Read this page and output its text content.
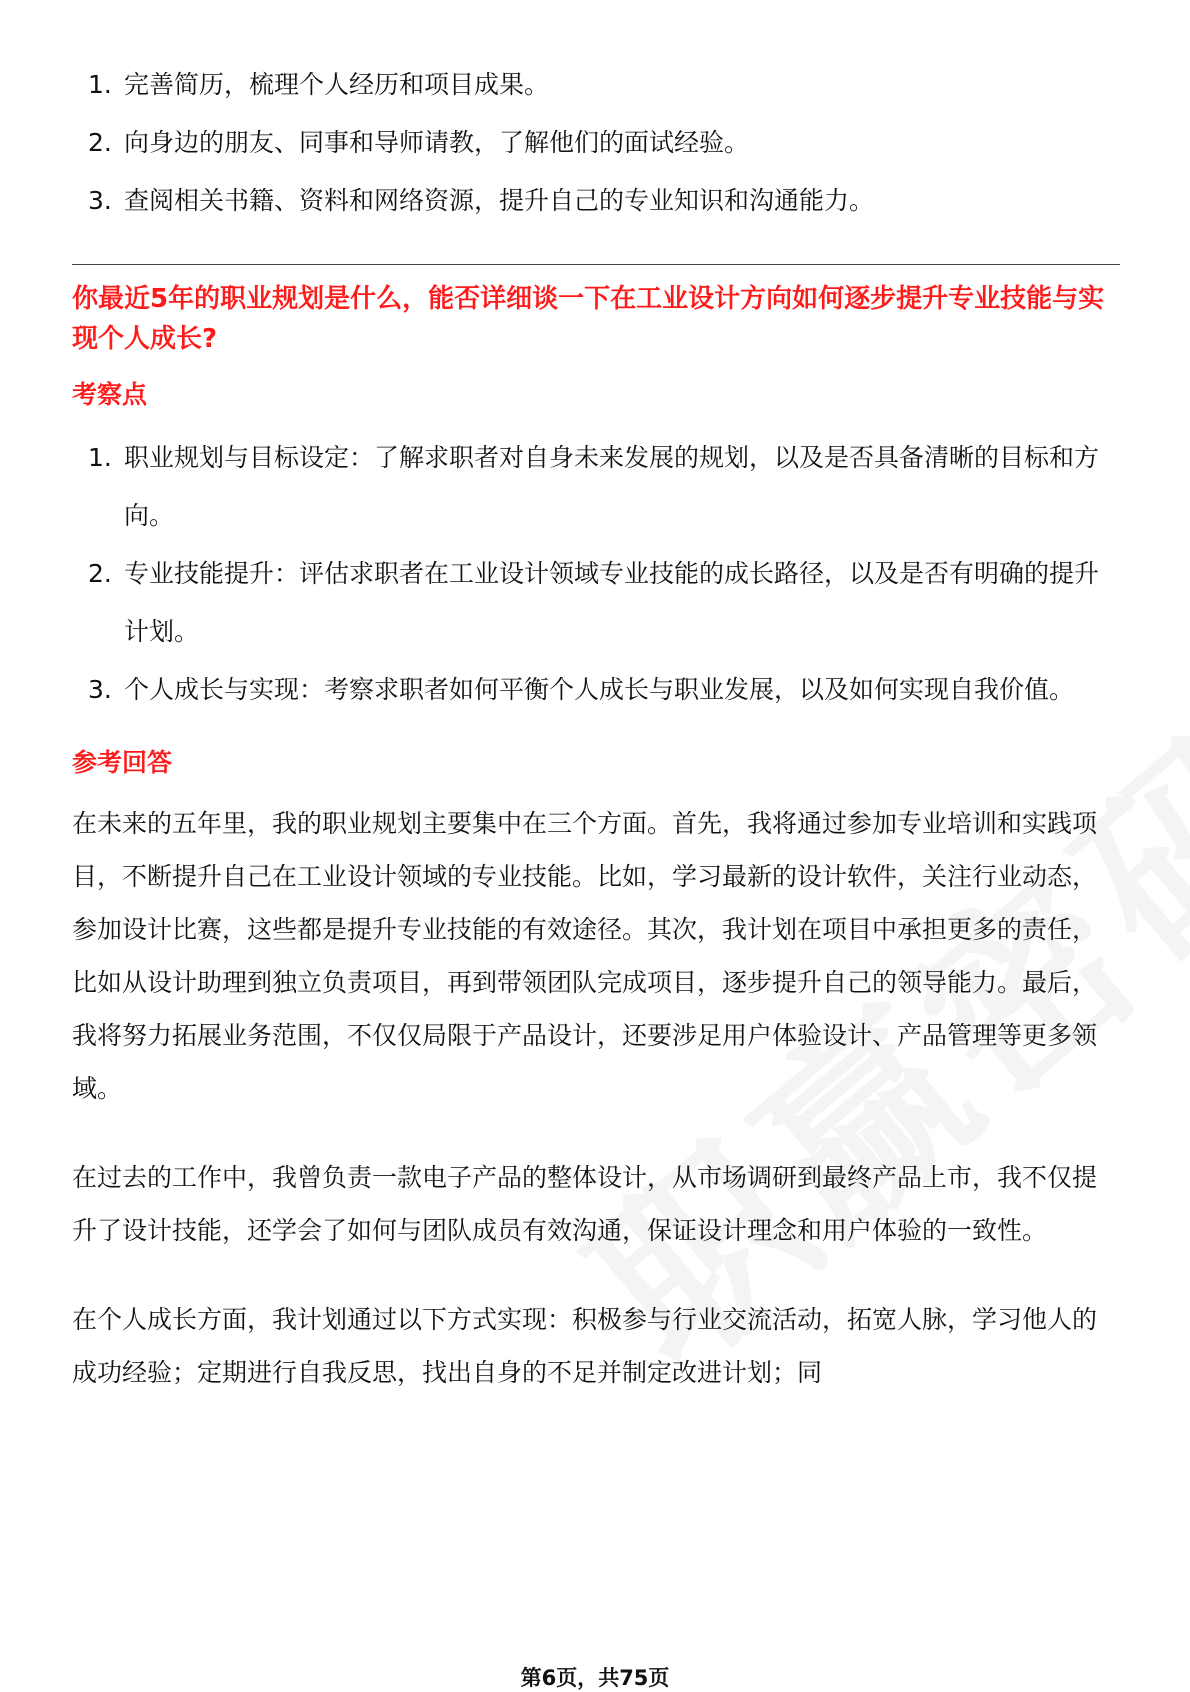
1. 完善简历，梳理个人经历和项目成果。
2. 向身边的朋友、同事和导师请教，了解他们的面试经验。
3. 查阅相关书籍、资料和网络资源，提升自己的专业知识和沟通能力。
你最近5年的职业规划是什么，能否详细谈一下在工业设计方向如何逐步提升专业技能与实现个人成长?
考察点
1. 职业规划与目标设定：了解求职者对自身未来发展的规划，以及是否具备清晰的目标和方向。
2. 专业技能提升：评估求职者在工业设计领域专业技能的成长路径，以及是否有明确的提升计划。
3. 个人成长与实现：考察求职者如何平衡个人成长与职业发展，以及如何实现自我价值。
参考回答

在未来的五年里，我的职业规划主要集中在三个方面。首先，我将通过参加专业培训和实践项目，不断提升自己在工业设计领域的专业技能。比如，学习最新的设计软件，关注行业动态，参加设计比赛，这些都是提升专业技能的有效途径。其次，我计划在项目中承担更多的责任，比如从设计助理到独立负责项目，再到带领团队完成项目，逐步提升自己的领导能力。最后，我将努力拓展业务范围，不仅仅局限于产品设计，还要涉足用户体验设计、产品管理等更多领域。

在过去的工作中，我曾负责一款电子产品的整体设计，从市场调研到最终产品上市，我不仅提升了设计技能，还学会了如何与团队成员有效沟通，保证设计理念和用户体验的一致性。

在个人成长方面，我计划通过以下方式实现：积极参与行业交流活动，拓宽人脉，学习他人的成功经验；定期进行自我反思，找出自身的不足并制定改进计划；同

第6页，共75页
